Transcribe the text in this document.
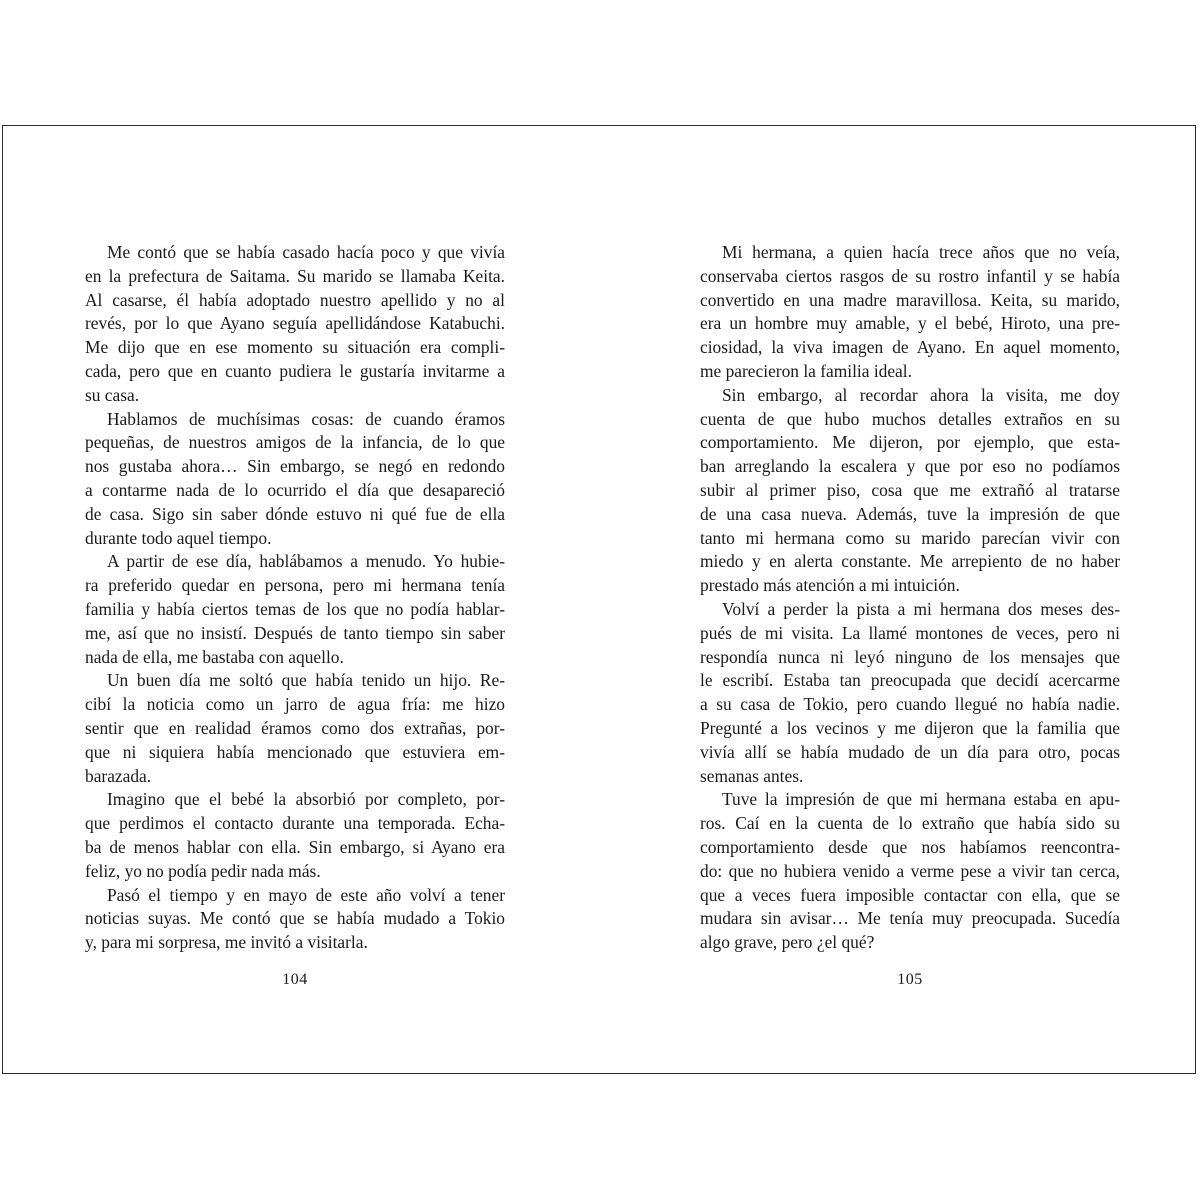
Me contó que se había casado hacía poco y que vivía
en la prefectura de Saitama. Su marido se llamaba Keita.
Al casarse, él había adoptado nuestro apellido y no al
revés, por lo que Ayano seguía apellidándose Katabuchi.
Me dijo que en ese momento su situación era compli-
cada, pero que en cuanto pudiera le gustaría invitarme a
su casa.

Hablamos de muchísimas cosas: de cuando éramos
pequeñas, de nuestros amigos de la infancia, de lo que
nos gustaba ahora… Sin embargo, se negó en redondo
a contarme nada de lo ocurrido el día que desapareció
de casa. Sigo sin saber dónde estuvo ni qué fue de ella
durante todo aquel tiempo.

A partir de ese día, hablábamos a menudo. Yo hubie-
ra preferido quedar en persona, pero mi hermana tenía
familia y había ciertos temas de los que no podía hablar-
me, así que no insistí. Después de tanto tiempo sin saber
nada de ella, me bastaba con aquello.

Un buen día me soltó que había tenido un hijo. Re-
cibí la noticia como un jarro de agua fría: me hizo
sentir que en realidad éramos como dos extrañas, por-
que ni siquiera había mencionado que estuviera em-
barazada.

Imagino que el bebé la absorbió por completo, por-
que perdimos el contacto durante una temporada. Echa-
ba de menos hablar con ella. Sin embargo, si Ayano era
feliz, yo no podía pedir nada más.

Pasó el tiempo y en mayo de este año volví a tener
noticias suyas. Me contó que se había mudado a Tokio
y, para mi sorpresa, me invitó a visitarla.

104

Mi hermana, a quien hacía trece años que no veía,
conservaba ciertos rasgos de su rostro infantil y se había
convertido en una madre maravillosa. Keita, su marido,
era un hombre muy amable, y el bebé, Hiroto, una pre-
ciosidad, la viva imagen de Ayano. En aquel momento,
me parecieron la familia ideal.

Sin embargo, al recordar ahora la visita, me doy
cuenta de que hubo muchos detalles extraños en su
comportamiento. Me dijeron, por ejemplo, que esta-
ban arreglando la escalera y que por eso no podíamos
subir al primer piso, cosa que me extrañó al tratarse
de una casa nueva. Además, tuve la impresión de que
tanto mi hermana como su marido parecían vivir con
miedo y en alerta constante. Me arrepiento de no haber
prestado más atención a mi intuición.

Volví a perder la pista a mi hermana dos meses des-
pués de mi visita. La llamé montones de veces, pero ni
respondía nunca ni leyó ninguno de los mensajes que
le escribí. Estaba tan preocupada que decidí acercarme
a su casa de Tokio, pero cuando llegué no había nadie.
Pregunté a los vecinos y me dijeron que la familia que
vivía allí se había mudado de un día para otro, pocas
semanas antes.

Tuve la impresión de que mi hermana estaba en apu-
ros. Caí en la cuenta de lo extraño que había sido su
comportamiento desde que nos habíamos reencontra-
do: que no hubiera venido a verme pese a vivir tan cerca,
que a veces fuera imposible contactar con ella, que se
mudara sin avisar… Me tenía muy preocupada. Sucedía
algo grave, pero ¿el qué?

105
